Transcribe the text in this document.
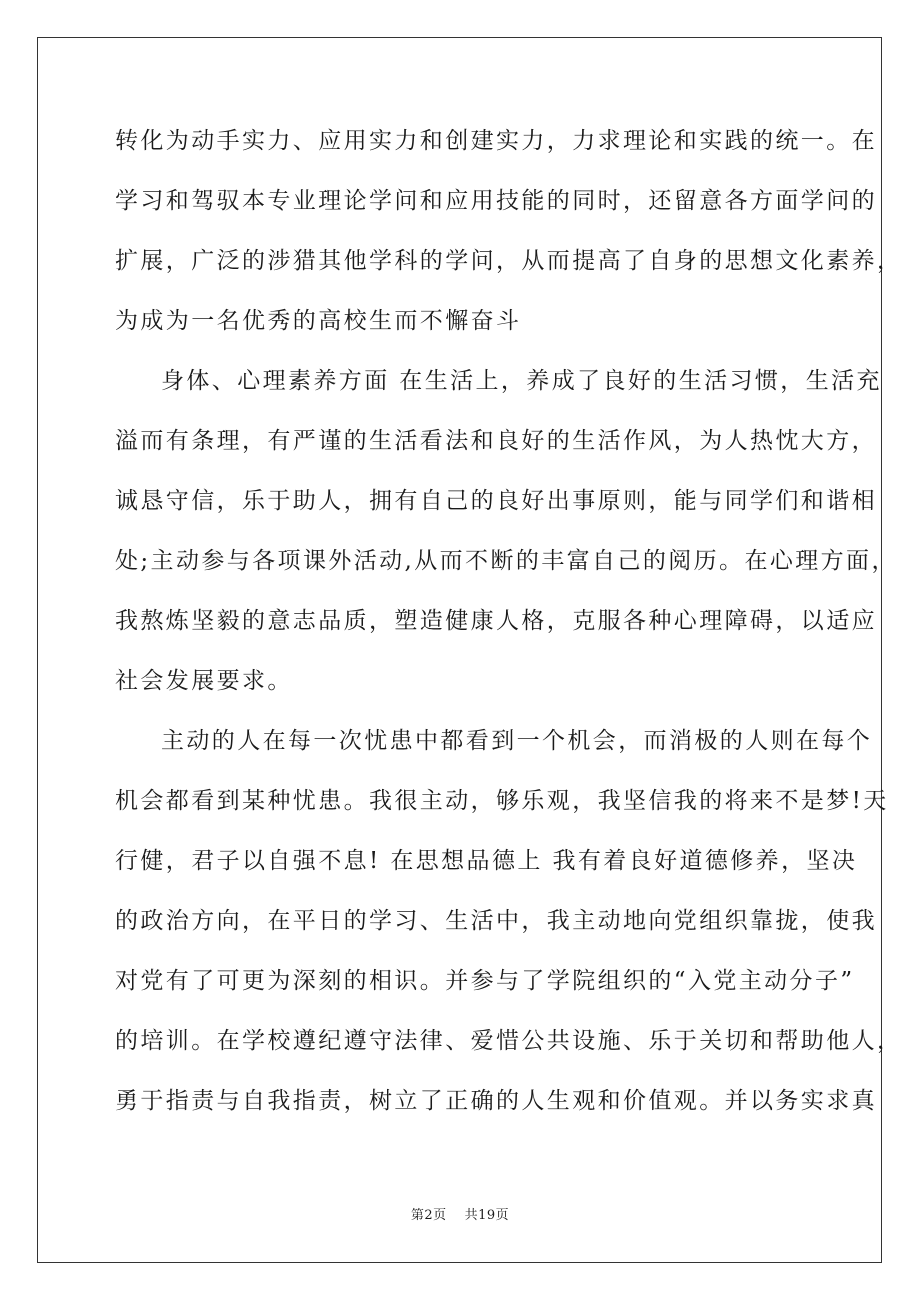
转化为动手实力、应用实力和创建实力，力求理论和实践的统一。在
学习和驾驭本专业理论学问和应用技能的同时，还留意各方面学问的
扩展，广泛的涉猎其他学科的学问，从而提高了自身的思想文化素养，
为成为一名优秀的高校生而不懈奋斗
身体、心理素养方面 在生活上，养成了良好的生活习惯，生活充
溢而有条理，有严谨的生活看法和良好的生活作风，为人热忱大方，
诚恳守信，乐于助人，拥有自己的良好出事原则，能与同学们和谐相
处;主动参与各项课外活动,从而不断的丰富自己的阅历。在心理方面，
我熬炼坚毅的意志品质，塑造健康人格，克服各种心理障碍，以适应
社会发展要求。
主动的人在每一次忧患中都看到一个机会，而消极的人则在每个
机会都看到某种忧患。我很主动，够乐观，我坚信我的将来不是梦!天
行健，君子以自强不息! 在思想品德上 我有着良好道德修养，坚决
的政治方向，在平日的学习、生活中，我主动地向党组织靠拢，使我
对党有了可更为深刻的相识。并参与了学院组织的“入党主动分子”
的培训。在学校遵纪遵守法律、爱惜公共设施、乐于关切和帮助他人，
勇于指责与自我指责，树立了正确的人生观和价值观。并以务实求真
第2页 共19页
